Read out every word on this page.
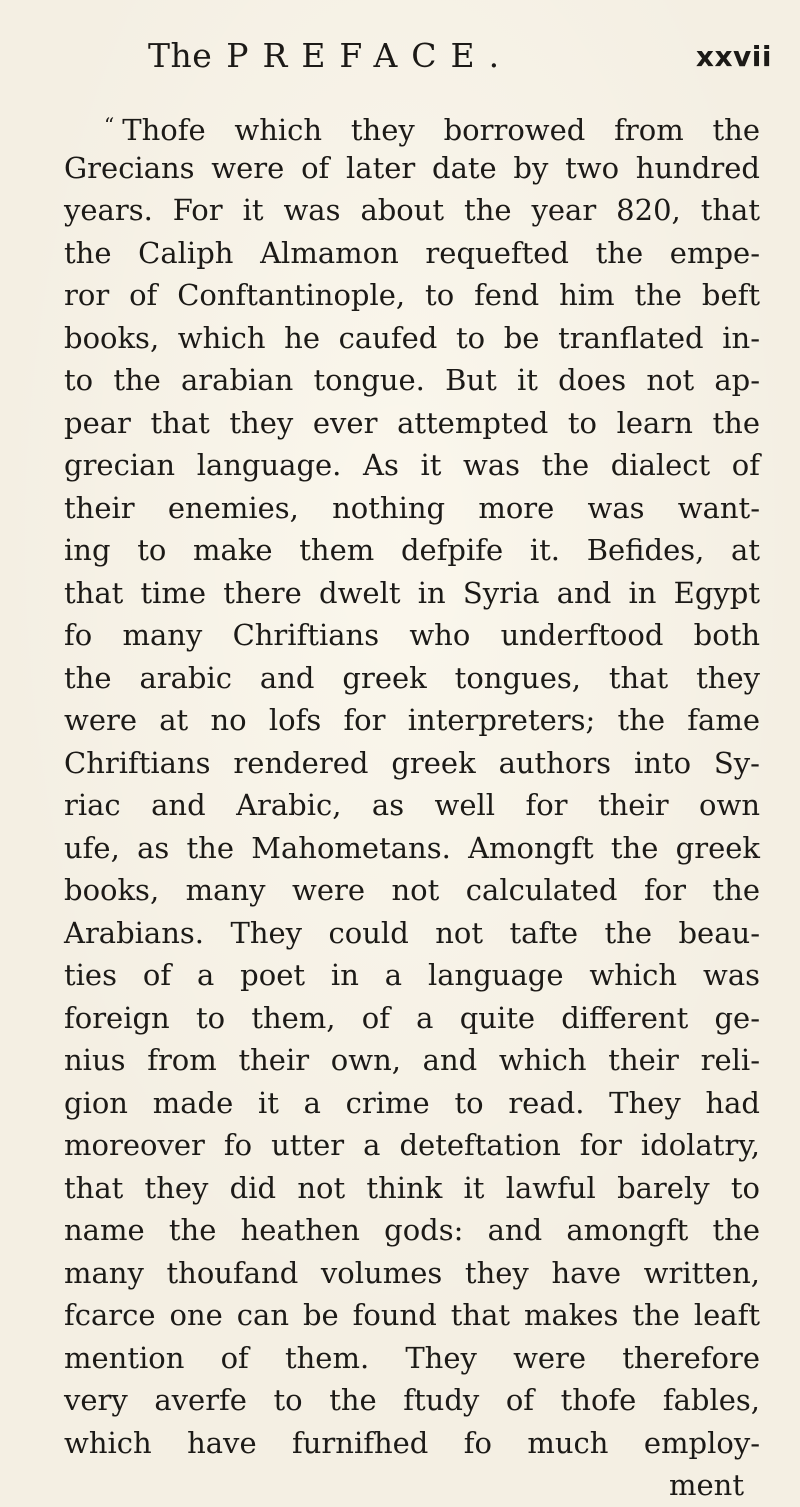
The PREFACE.	xxvii
“ Thofe which they borrowed from the
Grecians were of later date by two hundred
years. For it was about the year 820, that
the Caliph Almamon requefted the empe-
ror of Conftantinople, to fend him the beft
books, which he caufed to be tranflated in-
to the arabian tongue. But it does not ap-
pear that they ever attempted to learn the
grecian language. As it was the dialect of
their enemies, nothing more was want-
ing to make them defpife it. Befides, at
that time there dwelt in Syria and in Egypt
fo many Chriftians who underftood both
the arabic and greek tongues, that they
were at no lofs for interpreters; the fame
Chriftians rendered greek authors into Sy-
riac and Arabic, as well for their own
ufe, as the Mahometans. Amongft the greek
books, many were not calculated for the
Arabians. They could not tafte the beau-
ties of a poet in a language which was
foreign to them, of a quite different ge-
nius from their own, and which their reli-
gion made it a crime to read. They had
moreover fo utter a deteftation for idolatry,
that they did not think it lawful barely to
name the heathen gods: and amongft the
many thoufand volumes they have written,
fcarce one can be found that makes the leaft
mention of them. They were therefore
very averfe to the ftudy of thofe fables,
which have furnifhed fo much employ-
ment
